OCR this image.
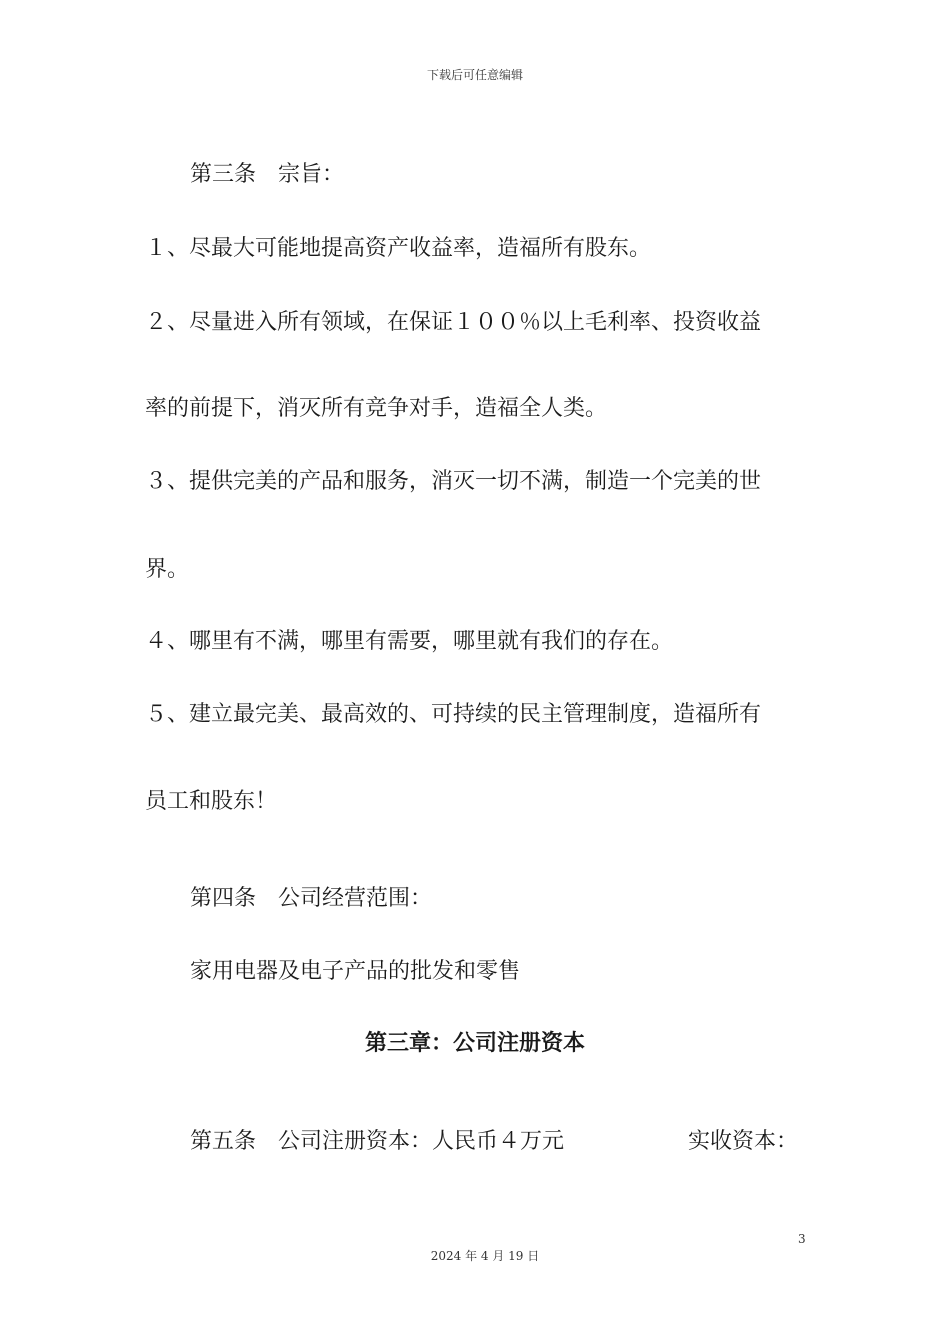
下载后可任意编辑
第三条　宗旨：
１、尽最大可能地提高资产收益率，造福所有股东。
２、尽量进入所有领域，在保证１００％以上毛利率、投资收益
率的前提下，消灭所有竞争对手，造福全人类。
３、提供完美的产品和服务，消灭一切不满，制造一个完美的世
界。
４、哪里有不满，哪里有需要，哪里就有我们的存在。
５、建立最完美、最高效的、可持续的民主管理制度，造福所有
员工和股东！
第四条　公司经营范围：
家用电器及电子产品的批发和零售
第三章：公司注册资本
第五条　公司注册资本：人民币４万元	实收资本：
3
2024 年 4 月 19 日
